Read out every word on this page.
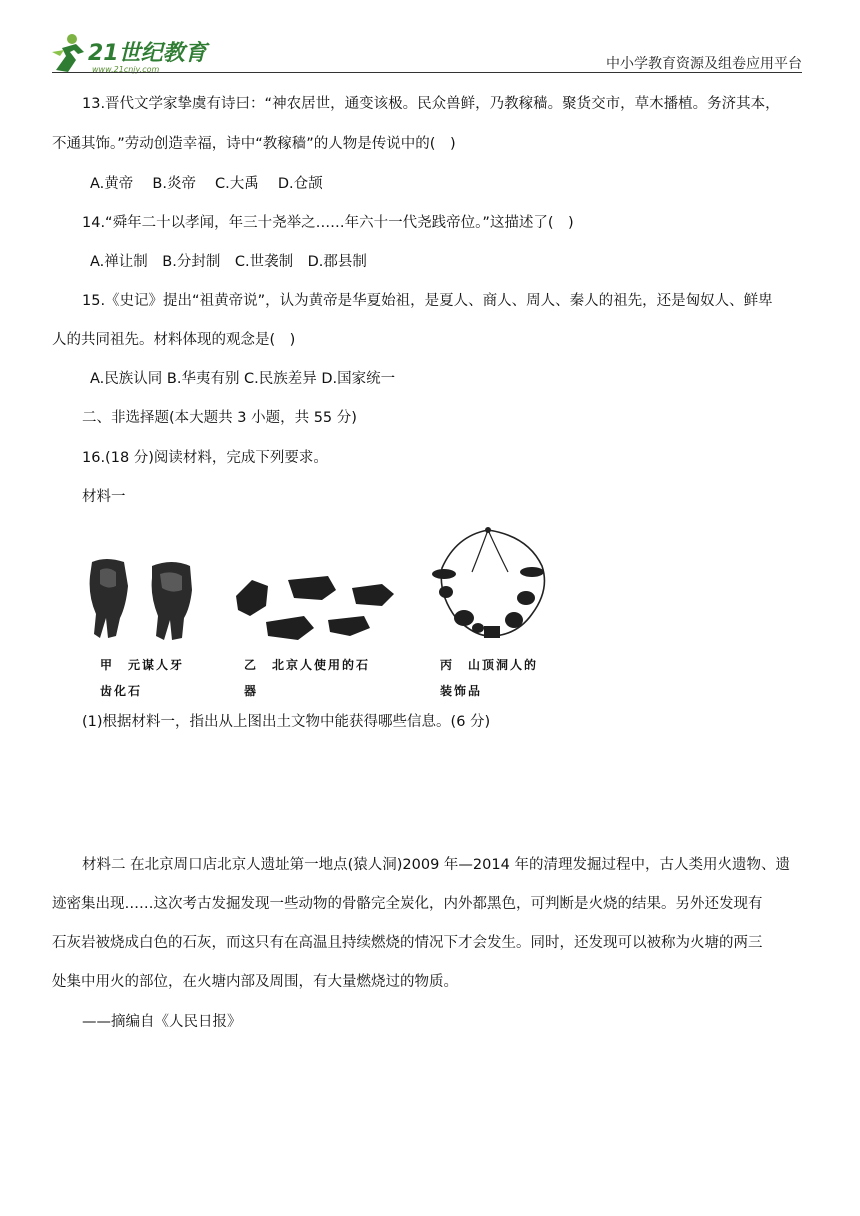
21世纪教育
www.21cnjy.com	中小学教育资源及组卷应用平台
13.晋代文学家挚虞有诗曰：“神农居世，通变该极。民众兽鲜，乃教稼穑。聚货交市，草木播植。务济其本，
不通其饰。”劳动创造幸福，诗中“教稼穑”的人物是传说中的(　)
A.黄帝　 B.炎帝　 C.大禹　 D.仓颉
14.“舜年二十以孝闻，年三十尧举之……年六十一代尧践帝位。”这描述了(　)
A.禅让制　B.分封制　C.世袭制　D.郡县制
15.《史记》提出“祖黄帝说”，认为黄帝是华夏始祖，是夏人、商人、周人、秦人的祖先，还是匈奴人、鲜卑
人的共同祖先。材料体现的观念是(　)
A.民族认同 B.华夷有别 C.民族差异 D.国家统一
二、非选择题(本大题共 3 小题，共 55 分)
16.(18 分)阅读材料，完成下列要求。
材料一
甲　元谋人牙
齿化石
乙　北京人使用的石
器
丙　山顶洞人的
装饰品
(1)根据材料一，指出从上图出土文物中能获得哪些信息。(6 分)
材料二 在北京周口店北京人遗址第一地点(猿人洞)2009 年—2014 年的清理发掘过程中，古人类用火遗物、遗
迹密集出现……这次考古发掘发现一些动物的骨骼完全炭化，内外都黑色，可判断是火烧的结果。另外还发现有
石灰岩被烧成白色的石灰，而这只有在高温且持续燃烧的情况下才会发生。同时，还发现可以被称为火塘的两三
处集中用火的部位，在火塘内部及周围，有大量燃烧过的物质。
——摘编自《人民日报》
